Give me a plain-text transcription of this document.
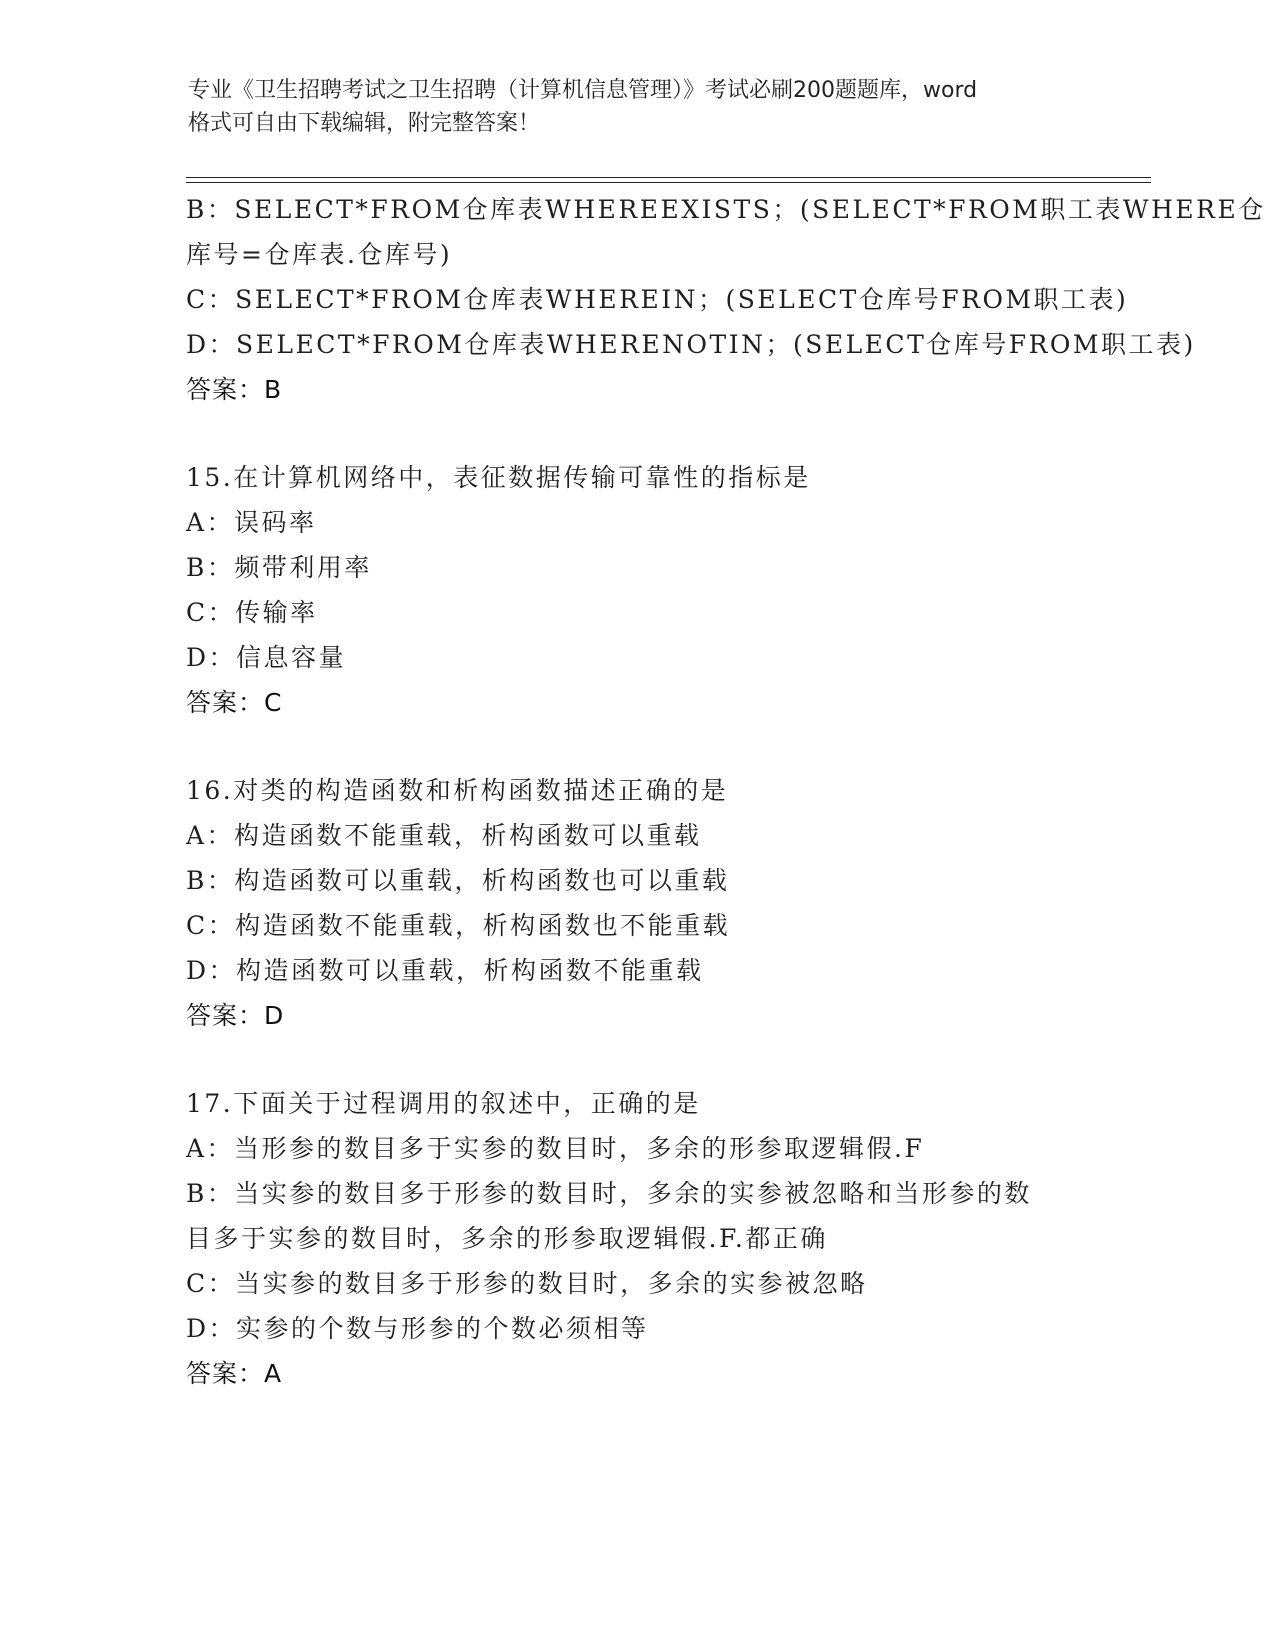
专业《卫生招聘考试之卫生招聘（计算机信息管理）》考试必刷200题题库，word
格式可自由下载编辑，附完整答案！
B：SELECT*FROM仓库表WHEREEXISTS；(SELECT*FROM职工表WHERE仓
库号=仓库表.仓库号)
C：SELECT*FROM仓库表WHEREIN；(SELECT仓库号FROM职工表)
D：SELECT*FROM仓库表WHERENOTIN；(SELECT仓库号FROM职工表)
答案：B
15.在计算机网络中，表征数据传输可靠性的指标是
A：误码率
B：频带利用率
C：传输率
D：信息容量
答案：C
16.对类的构造函数和析构函数描述正确的是
A：构造函数不能重载，析构函数可以重载
B：构造函数可以重载，析构函数也可以重载
C：构造函数不能重载，析构函数也不能重载
D：构造函数可以重载，析构函数不能重载
答案：D
17.下面关于过程调用的叙述中，正确的是
A：当形参的数目多于实参的数目时，多余的形参取逻辑假.F
B：当实参的数目多于形参的数目时，多余的实参被忽略和当形参的数
目多于实参的数目时，多余的形参取逻辑假.F.都正确
C：当实参的数目多于形参的数目时，多余的实参被忽略
D：实参的个数与形参的个数必须相等
答案：A
